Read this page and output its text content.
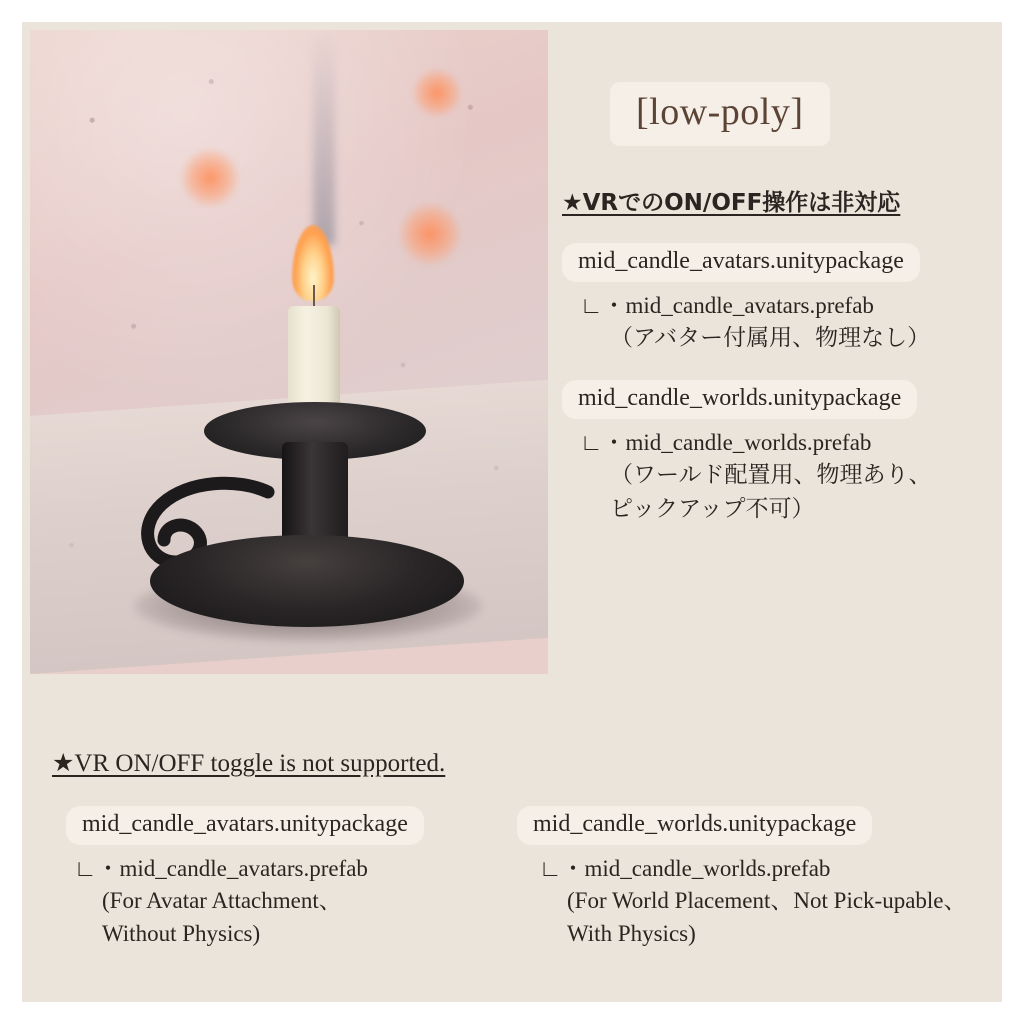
[low-poly]
★VRでのON/OFF操作は非対応
mid_candle_avatars.unitypackage
∟・mid_candle_avatars.prefab
（アバター付属用、物理なし）
mid_candle_worlds.unitypackage
∟・mid_candle_worlds.prefab
（ワールド配置用、物理あり、
ピックアップ不可）
★VR ON/OFF toggle is not supported.
mid_candle_avatars.unitypackage
∟・mid_candle_avatars.prefab
(For Avatar Attachment、
Without Physics)
mid_candle_worlds.unitypackage
∟・mid_candle_worlds.prefab
(For World Placement、Not Pick-upable、
With Physics)
